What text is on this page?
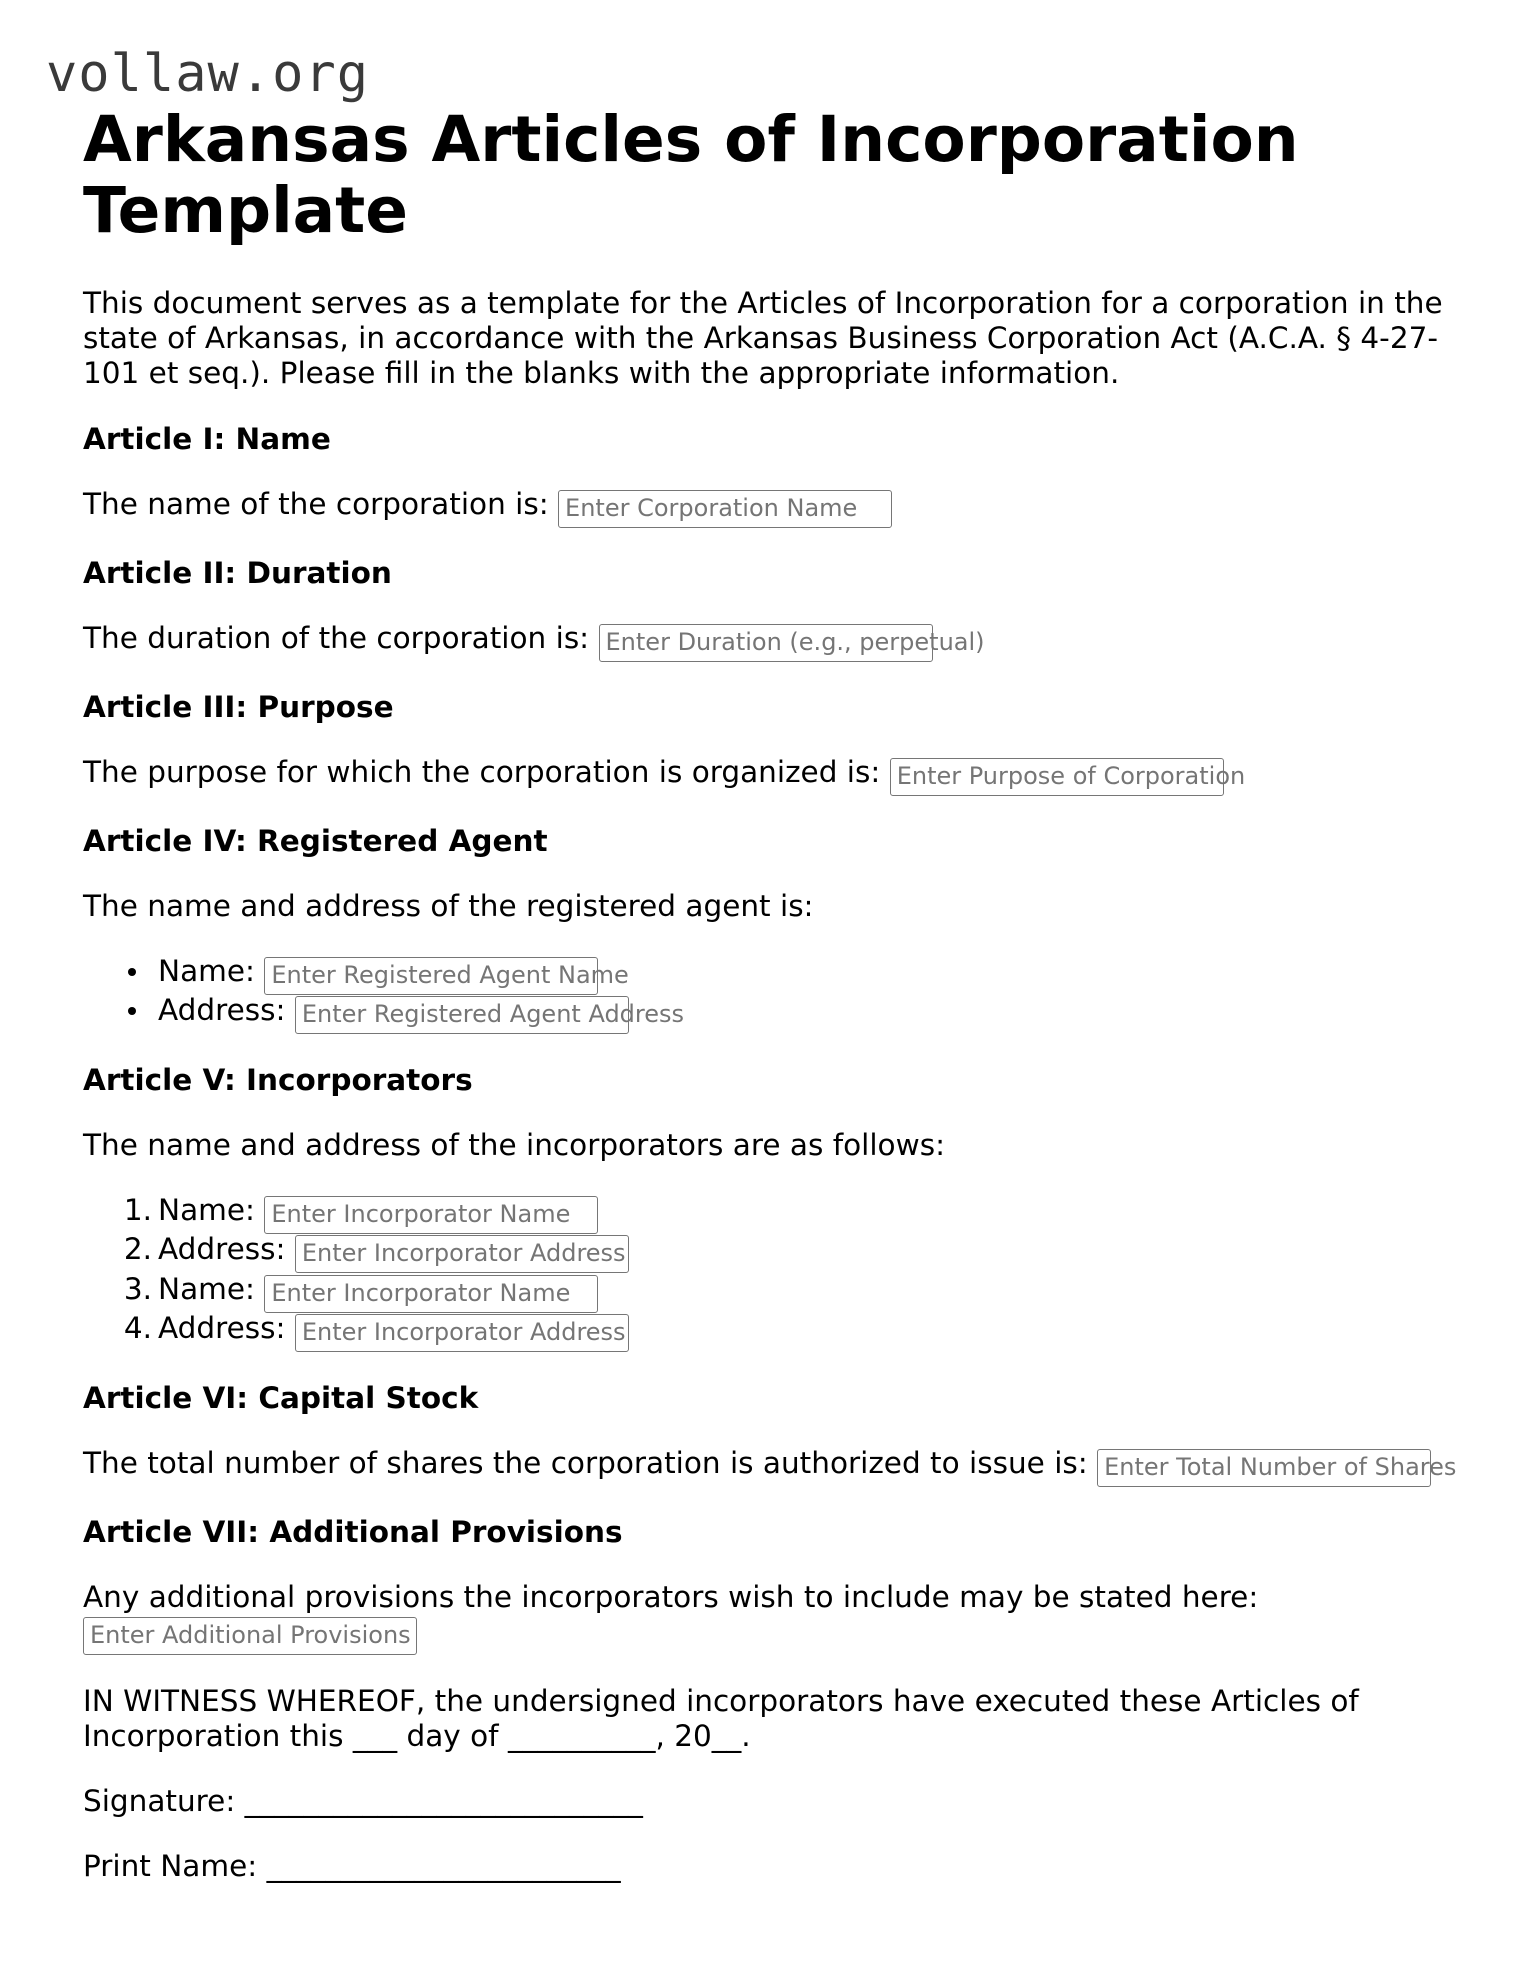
vollaw.org
Arkansas Articles of Incorporation Template

This document serves as a template for the Articles of Incorporation for a corporation in the state of Arkansas, in accordance with the Arkansas Business Corporation Act (A.C.A. § 4-27-101 et seq.). Please fill in the blanks with the appropriate information.

Article I: Name
The name of the corporation is: Enter Corporation Name
Article II: Duration
The duration of the corporation is: Enter Duration (e.g., perpetual)
Article III: Purpose
The purpose for which the corporation is organized is: Enter Purpose of Corporation
Article IV: Registered Agent
The name and address of the registered agent is:
Name: Enter Registered Agent Name
Address: Enter Registered Agent Address
Article V: Incorporators
The name and address of the incorporators are as follows:
1. Name: Enter Incorporator Name
2. Address: Enter Incorporator Address
3. Name: Enter Incorporator Name
4. Address: Enter Incorporator Address
Article VI: Capital Stock
The total number of shares the corporation is authorized to issue is: Enter Total Number of Shares
Article VII: Additional Provisions
Any additional provisions the incorporators wish to include may be stated here:
Enter Additional Provisions
IN WITNESS WHEREOF, the undersigned incorporators have executed these Articles of
Incorporation this ___ day of __________, 20__.
Signature: ___________________________
Print Name: ________________________
